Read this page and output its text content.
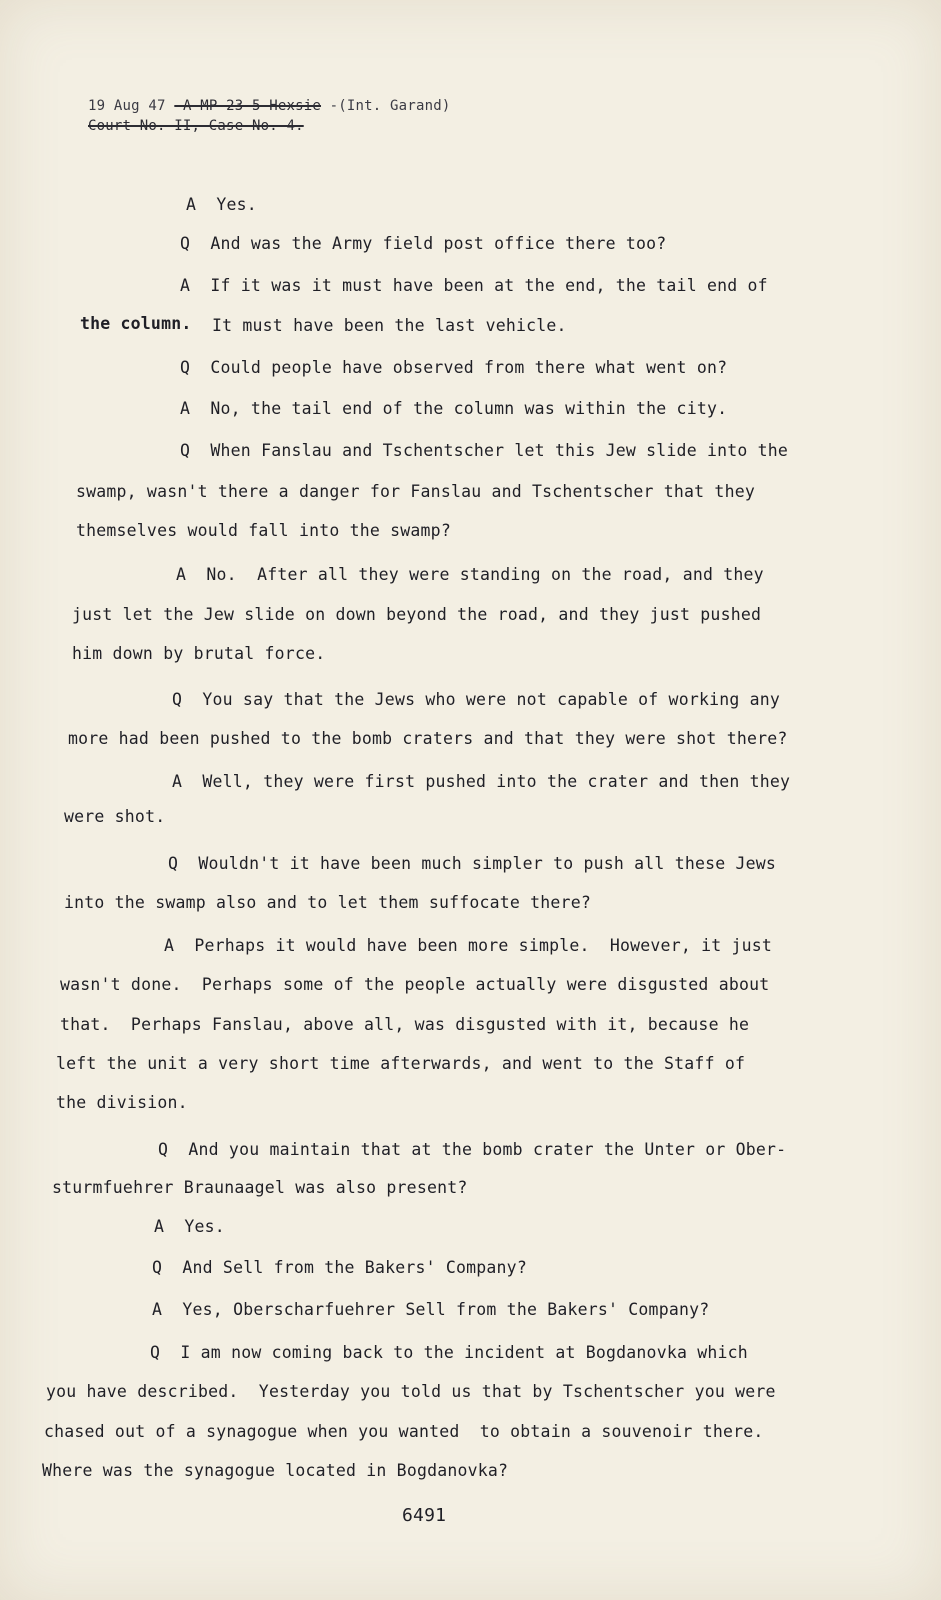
19 Aug 47 -A-MP-23-5-Hexsie -(Int. Garand)
Court No. II, Case No. 4.
A  Yes.
Q  And was the Army field post office there too?
A  If it was it must have been at the end, the tail end of
the column. It must have been the last vehicle.
Q  Could people have observed from there what went on?
A  No, the tail end of the column was within the city.
Q  When Fanslau and Tschentscher let this Jew slide into the
swamp, wasn't there a danger for Fanslau and Tschentscher that they
themselves would fall into the swamp?
A  No.  After all they were standing on the road, and they
just let the Jew slide on down beyond the road, and they just pushed
him down by brutal force.
Q  You say that the Jews who were not capable of working any
more had been pushed to the bomb craters and that they were shot there?
A  Well, they were first pushed into the crater and then they
were shot.
Q  Wouldn't it have been much simpler to push all these Jews
into the swamp also and to let them suffocate there?
A  Perhaps it would have been more simple.  However, it just
wasn't done.  Perhaps some of the people actually were disgusted about
that.  Perhaps Fanslau, above all, was disgusted with it, because he
left the unit a very short time afterwards, and went to the Staff of
the division.
Q  And you maintain that at the bomb crater the Unter or Ober-
sturmfuehrer Braunaagel was also present?
A  Yes.
Q  And Sell from the Bakers' Company?
A  Yes, Oberscharfuehrer Sell from the Bakers' Company?
Q  I am now coming back to the incident at Bogdanovka which
you have described.  Yesterday you told us that by Tschentscher you were
chased out of a synagogue when you wanted  to obtain a souvenoir there.
Where was the synagogue located in Bogdanovka?
6491
